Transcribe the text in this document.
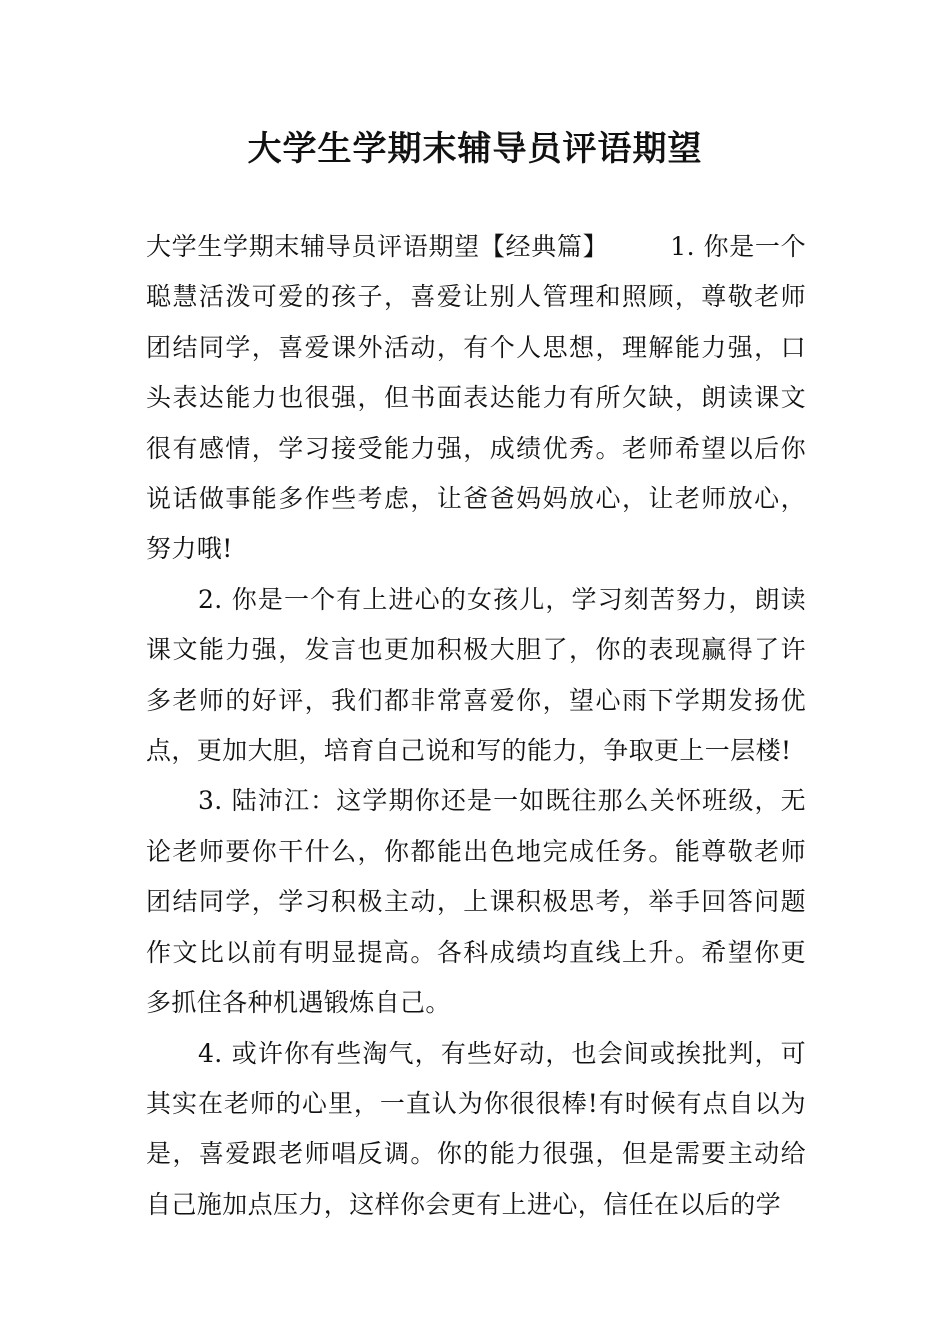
大学生学期末辅导员评语期望

大学生学期末辅导员评语期望【经典篇】 1. 你是一个聪慧活泼可爱的孩子，喜爱让别人管理和照顾，尊敬老师团结同学，喜爱课外活动，有个人思想，理解能力强，口头表达能力也很强，但书面表达能力有所欠缺，朗读课文很有感情，学习接受能力强，成绩优秀。老师希望以后你说话做事能多作些考虑，让爸爸妈妈放心，让老师放心，努力哦!

2. 你是一个有上进心的女孩儿，学习刻苦努力，朗读课文能力强，发言也更加积极大胆了，你的表现赢得了许多老师的好评，我们都非常喜爱你，望心雨下学期发扬优点，更加大胆，培育自己说和写的能力，争取更上一层楼!

3. 陆沛江：这学期你还是一如既往那么关怀班级，无论老师要你干什么，你都能出色地完成任务。能尊敬老师团结同学，学习积极主动，上课积极思考，举手回答问题作文比以前有明显提高。各科成绩均直线上升。希望你更多抓住各种机遇锻炼自己。

4. 或许你有些淘气，有些好动，也会间或挨批判，可其实在老师的心里，一直认为你很很棒!有时候有点自以为是，喜爱跟老师唱反调。你的能力很强，但是需要主动给自己施加点压力，这样你会更有上进心，信任在以后的学
